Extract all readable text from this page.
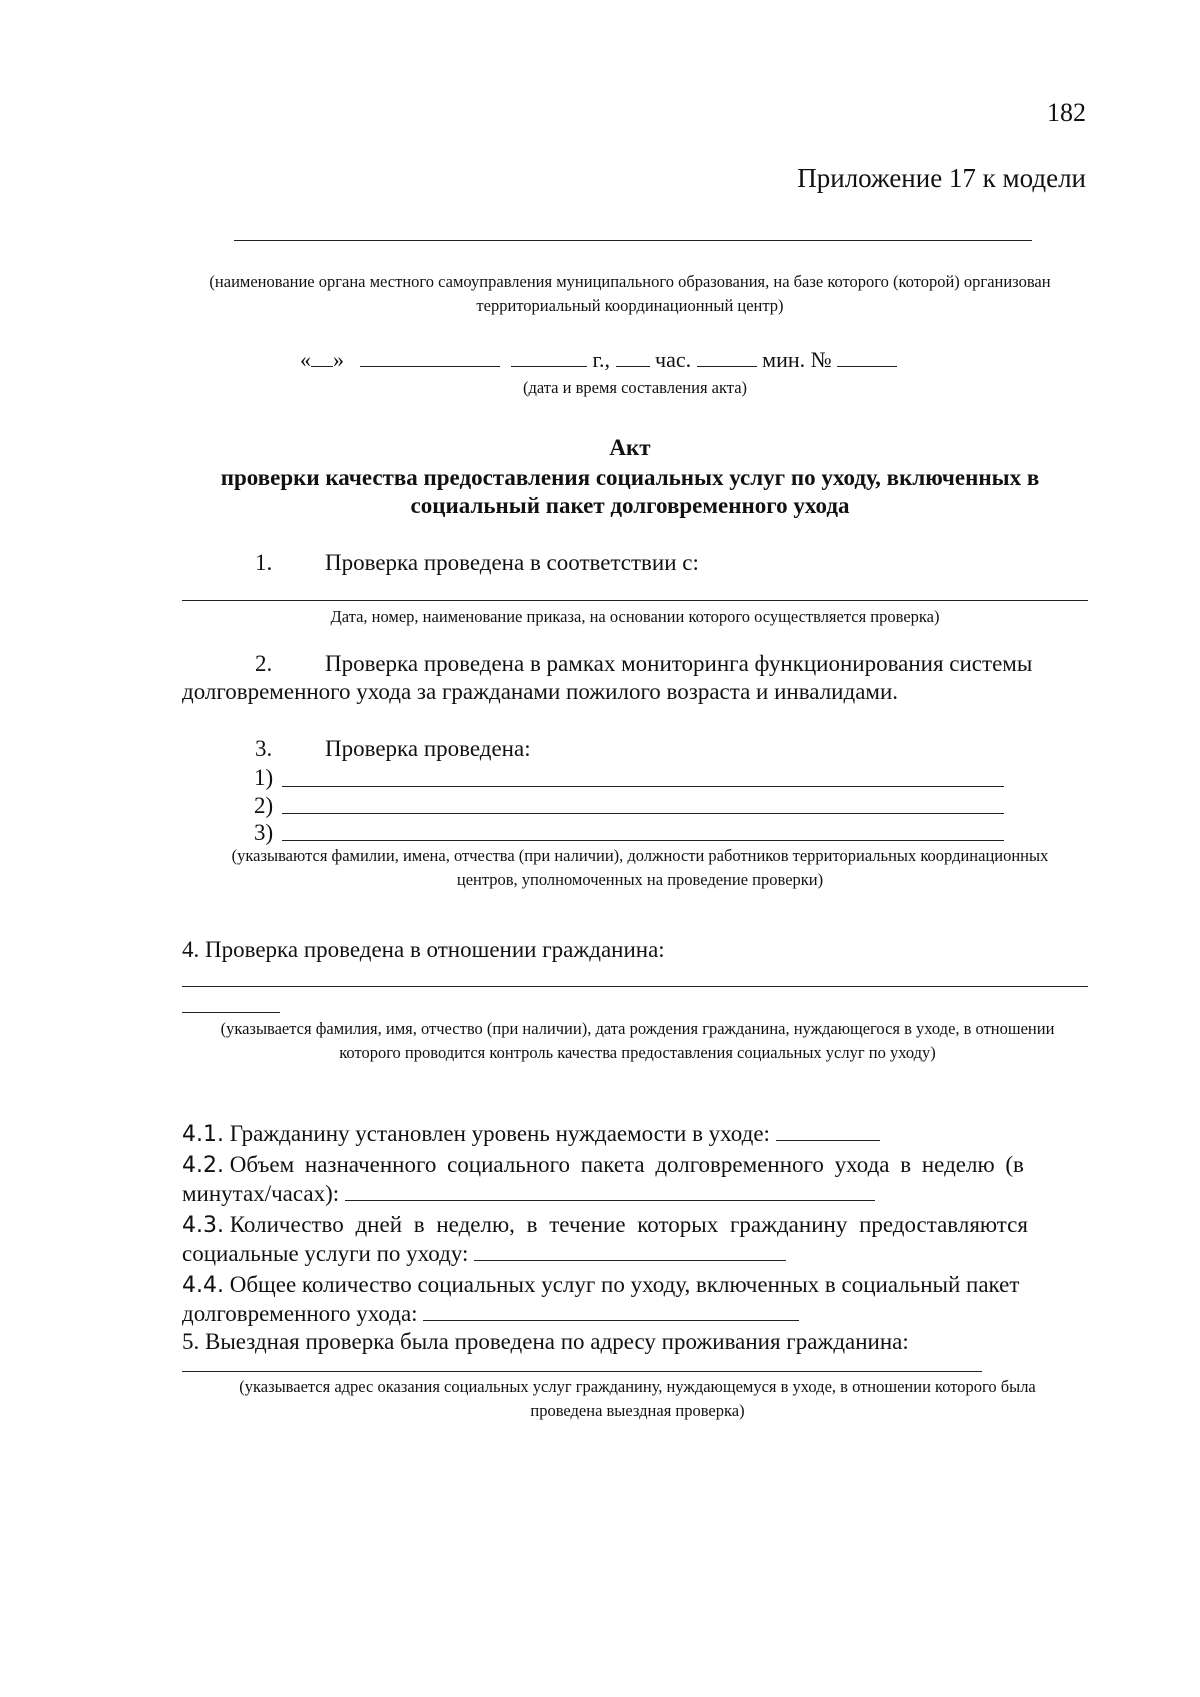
182
Приложение 17 к модели
(наименование органа местного самоуправления муниципального образования, на базе которого (которой) организован территориальный координационный центр)
« »	г., час.	мин. №
(дата и время составления акта)
Акт
проверки качества предоставления социальных услуг по уходу, включенных в
социальный пакет долговременного ухода
1. Проверка проведена в соответствии с:
Дата, номер, наименование приказа, на основании которого осуществляется проверка)
2. Проверка проведена в рамках мониторинга функционирования системы
долговременного ухода за гражданами пожилого возраста и инвалидами.
3. Проверка проведена:
1)
2)
3)
(указываются фамилии, имена, отчества (при наличии), должности работников территориальных координационных центров, уполномоченных на проведение проверки)
4. Проверка проведена в отношении гражданина:
(указывается фамилия, имя, отчество (при наличии), дата рождения гражданина, нуждающегося в уходе, в отношении которого проводится контроль качества предоставления социальных услуг по уходу)
4.1. Гражданину установлен уровень нуждаемости в уходе:
4.2. Объем назначенного социального пакета долговременного ухода в неделю (в
минутах/часах):
4.3. Количество дней в неделю, в течение которых гражданину предоставляются
социальные услуги по уходу:
4.4. Общее количество социальных услуг по уходу, включенных в социальный пакет
долговременного ухода:
5. Выездная проверка была проведена по адресу проживания гражданина:
(указывается адрес оказания социальных услуг гражданину, нуждающемуся в уходе, в отношении которого была проведена выездная проверка)
